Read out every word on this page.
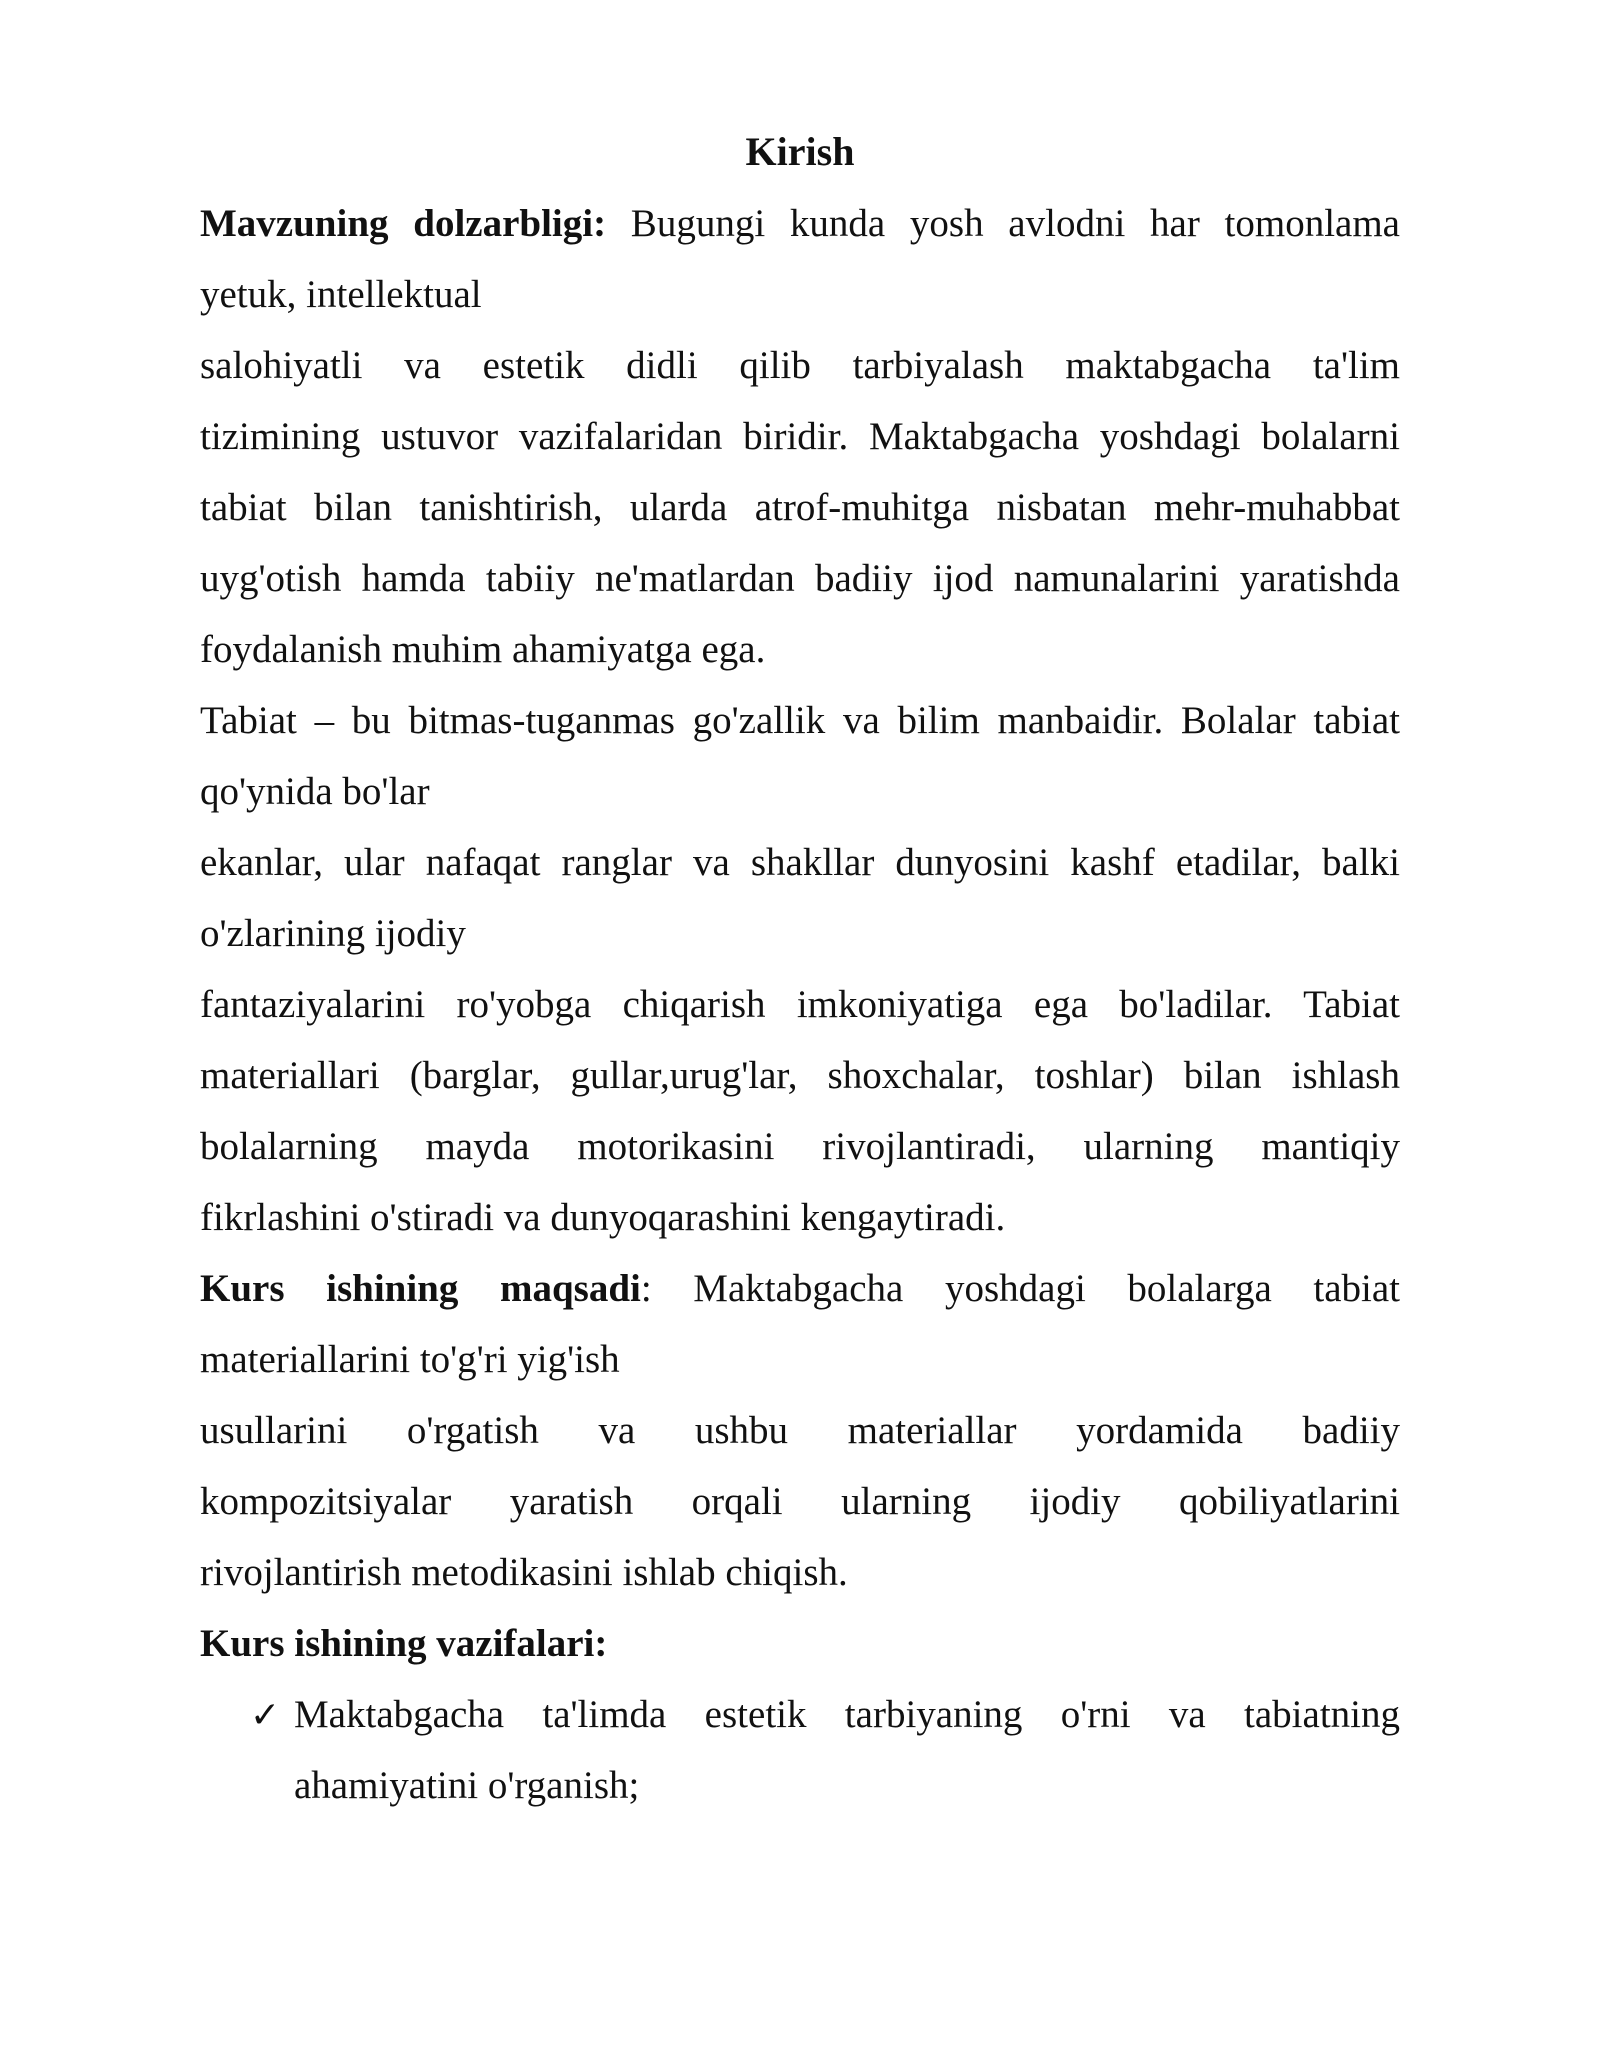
Kirish
Mavzuning dolzarbligi: Bugungi kunda yosh avlodni har tomonlama
yetuk, intellektual
salohiyatli va estetik didli qilib tarbiyalash maktabgacha ta'lim
tizimining ustuvor vazifalaridan biridir. Maktabgacha yoshdagi bolalarni
tabiat bilan tanishtirish, ularda atrof-muhitga nisbatan mehr-muhabbat
uyg'otish hamda tabiiy ne'matlardan badiiy ijod namunalarini yaratishda
foydalanish muhim ahamiyatga ega.
Tabiat – bu bitmas-tuganmas go'zallik va bilim manbaidir. Bolalar tabiat
qo'ynida bo'lar
ekanlar, ular nafaqat ranglar va shakllar dunyosini kashf etadilar, balki
o'zlarining ijodiy
fantaziyalarini ro'yobga chiqarish imkoniyatiga ega bo'ladilar. Tabiat
materiallari (barglar, gullar,urug'lar, shoxchalar, toshlar) bilan ishlash
bolalarning mayda motorikasini rivojlantiradi, ularning mantiqiy
fikrlashini o'stiradi va dunyoqarashini kengaytiradi.
Kurs ishining maqsadi: Maktabgacha yoshdagi bolalarga tabiat
materiallarini to'g'ri yig'ish
usullarini o'rgatish va ushbu materiallar yordamida badiiy
kompozitsiyalar yaratish orqali ularning ijodiy qobiliyatlarini
rivojlantirish metodikasini ishlab chiqish.
Kurs ishining vazifalari:
✓ Maktabgacha ta'limda estetik tarbiyaning o'rni va tabiatning
ahamiyatini o'rganish;
